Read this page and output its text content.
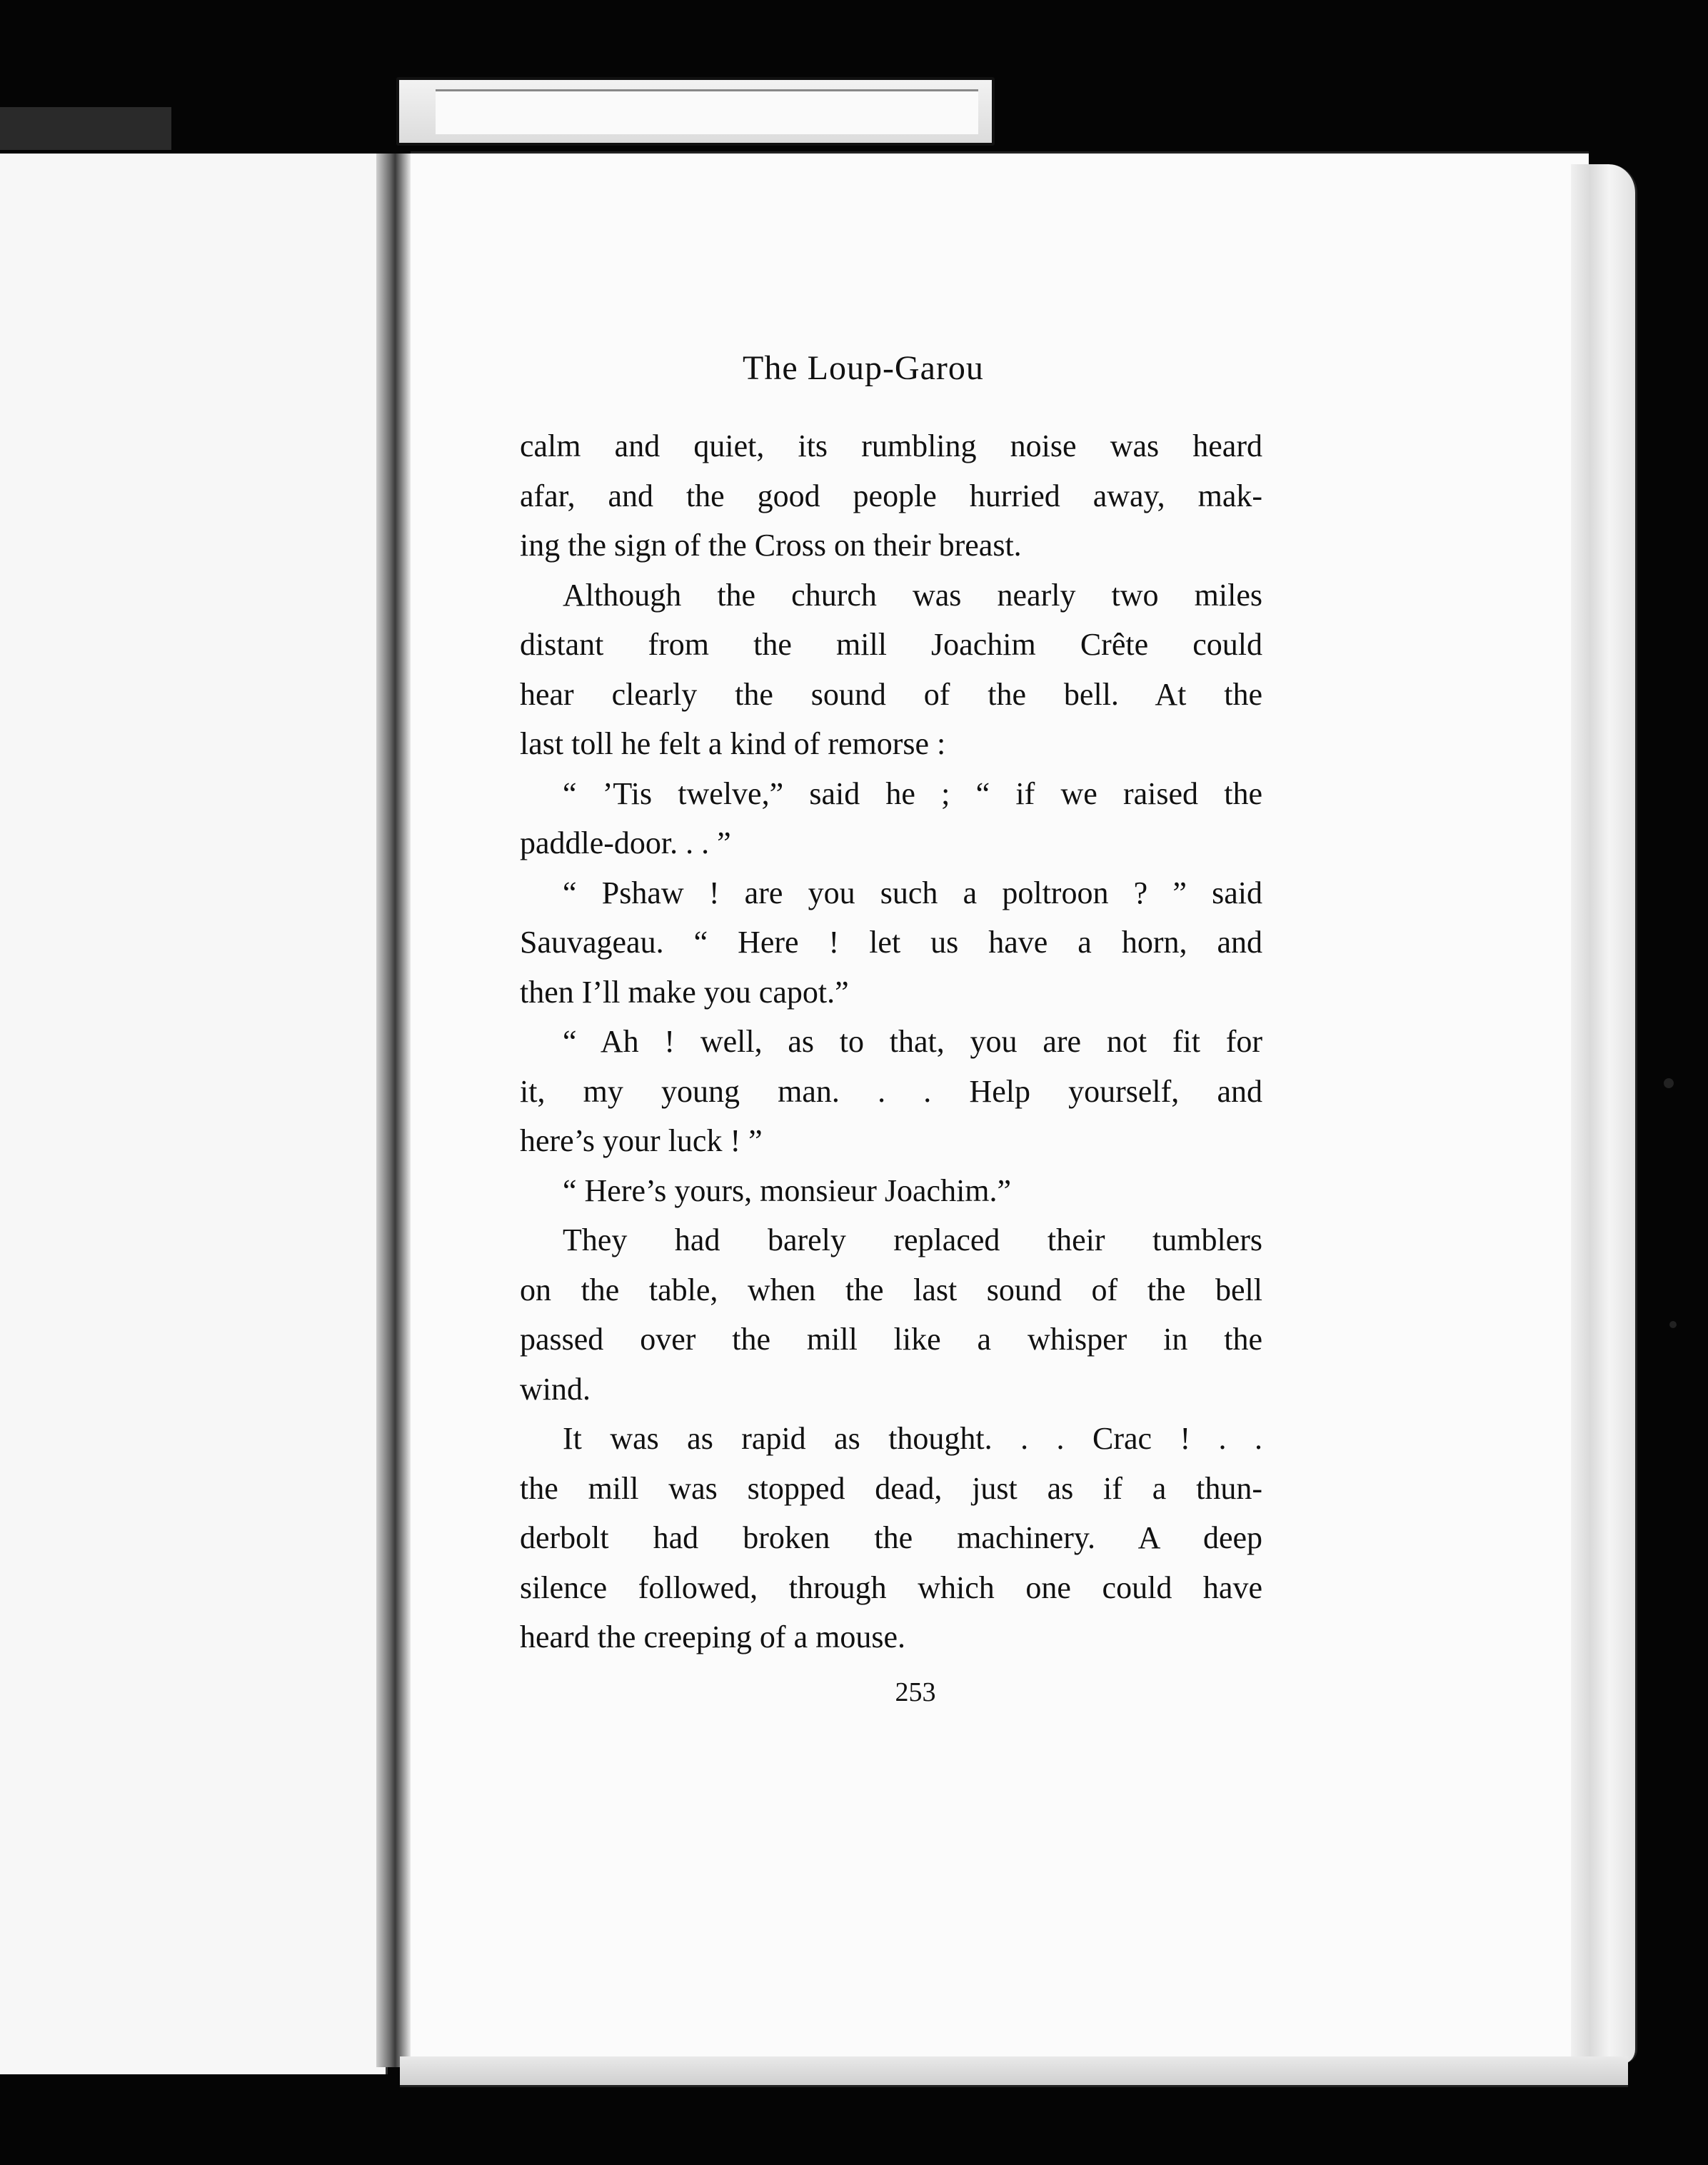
The Loup-Garou
calm and quiet, its rumbling noise was heard
afar, and the good people hurried away, mak-
ing the sign of the Cross on their breast.
Although the church was nearly two miles
distant from the mill Joachim Crête could
hear clearly the sound of the bell. At the
last toll he felt a kind of remorse :
“ ’Tis twelve,” said he ; “ if we raised the
paddle-door. . . ”
“ Pshaw ! are you such a poltroon ? ” said
Sauvageau. “ Here ! let us have a horn, and
then I’ll make you capot.”
“ Ah ! well, as to that, you are not fit for
it, my young man. . . Help yourself, and
here’s your luck ! ”
“ Here’s yours, monsieur Joachim.”
They had barely replaced their tumblers
on the table, when the last sound of the bell
passed over the mill like a whisper in the
wind.
It was as rapid as thought. . . Crac ! . .
the mill was stopped dead, just as if a thun-
derbolt had broken the machinery. A deep
silence followed, through which one could have
heard the creeping of a mouse.
253
